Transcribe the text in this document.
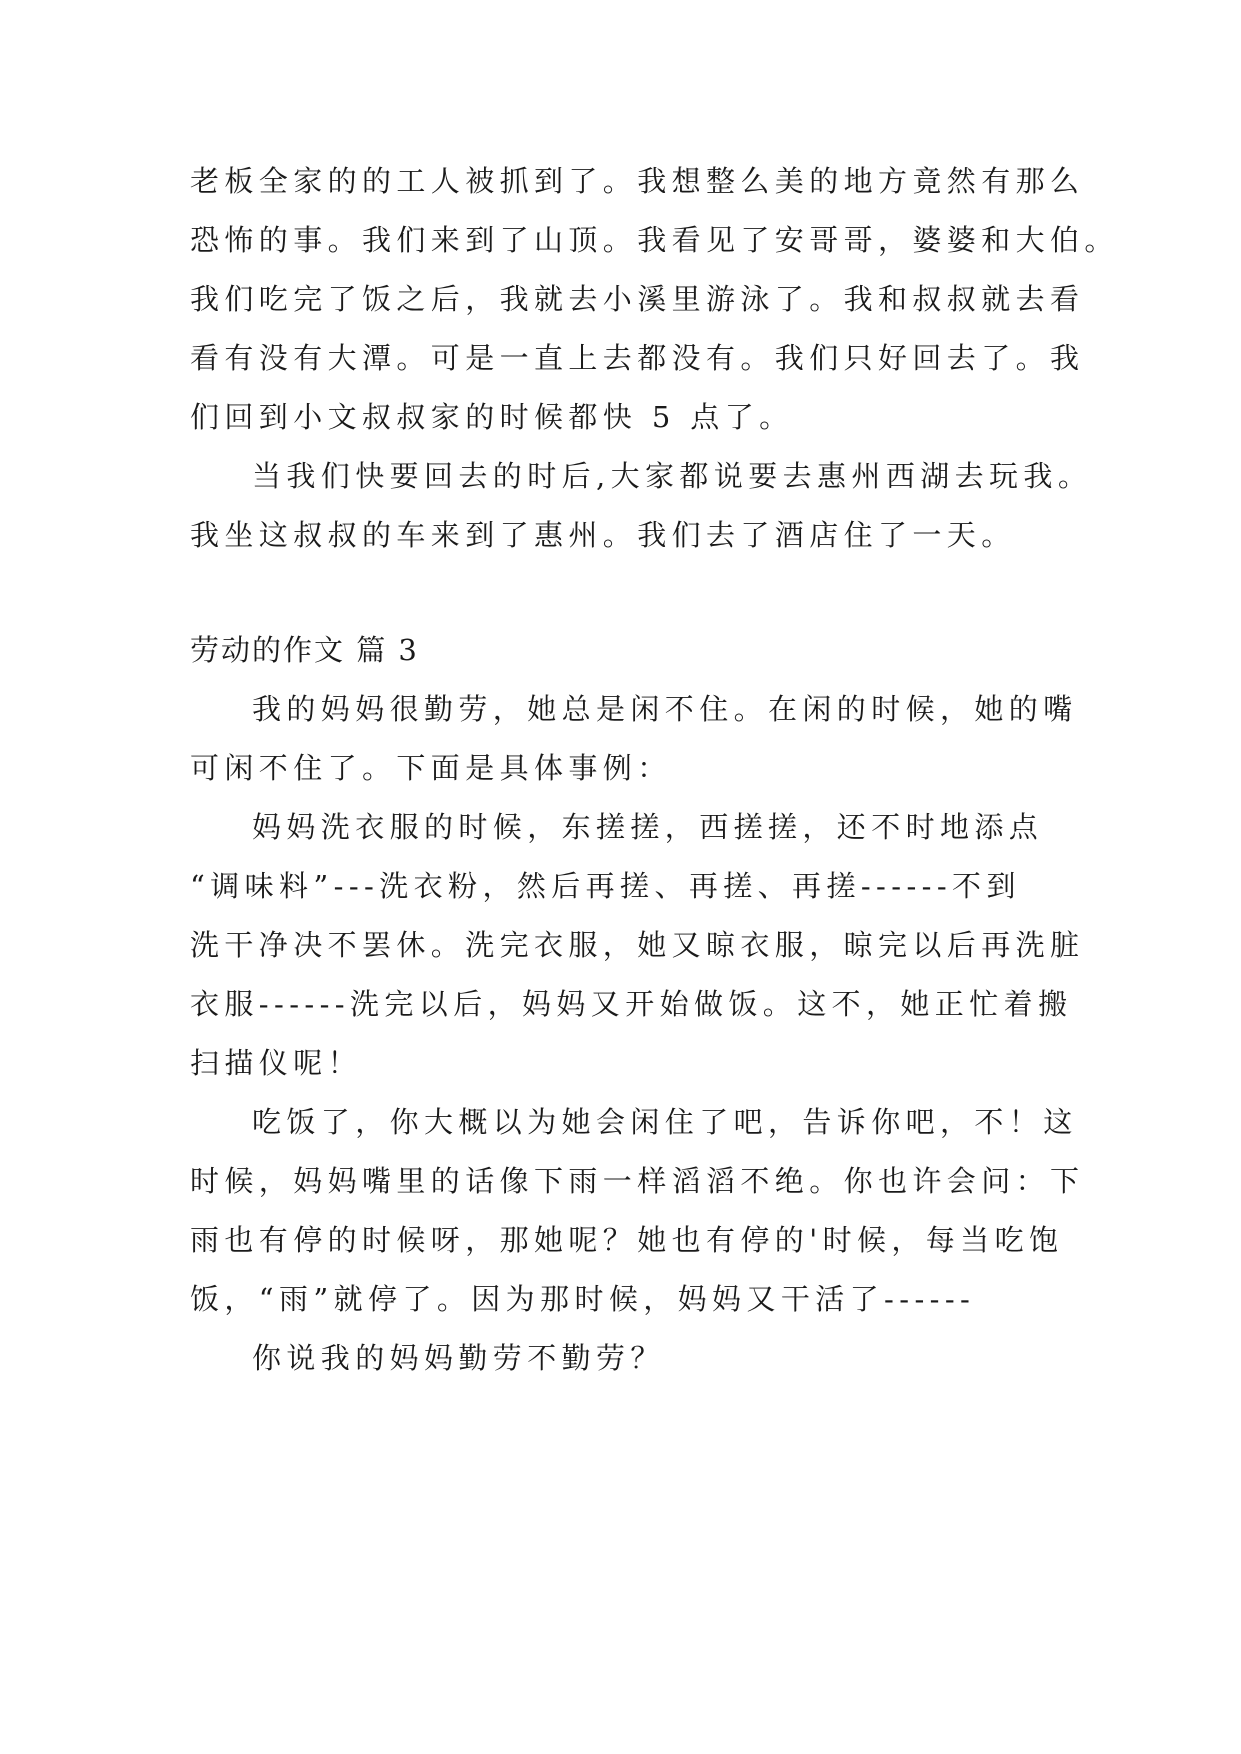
老板全家的的工人被抓到了。我想整么美的地方竟然有那么
恐怖的事。我们来到了山顶。我看见了安哥哥，婆婆和大伯。
我们吃完了饭之后，我就去小溪里游泳了。我和叔叔就去看
看有没有大潭。可是一直上去都没有。我们只好回去了。我
们回到小文叔叔家的时候都快 5 点了。
当我们快要回去的时后,大家都说要去惠州西湖去玩我。
我坐这叔叔的车来到了惠州。我们去了酒店住了一天。
劳动的作文 篇 3
我的妈妈很勤劳，她总是闲不住。在闲的时候，她的嘴
可闲不住了。下面是具体事例：
妈妈洗衣服的时候，东搓搓，西搓搓，还不时地添点
“调味料”---洗衣粉，然后再搓、再搓、再搓------不到
洗干净决不罢休。洗完衣服，她又晾衣服，晾完以后再洗脏
衣服------洗完以后，妈妈又开始做饭。这不，她正忙着搬
扫描仪呢！
吃饭了，你大概以为她会闲住了吧，告诉你吧，不！这
时候，妈妈嘴里的话像下雨一样滔滔不绝。你也许会问：下
雨也有停的时候呀，那她呢？她也有停的'时候，每当吃饱
饭，“雨”就停了。因为那时候，妈妈又干活了------
你说我的妈妈勤劳不勤劳？
